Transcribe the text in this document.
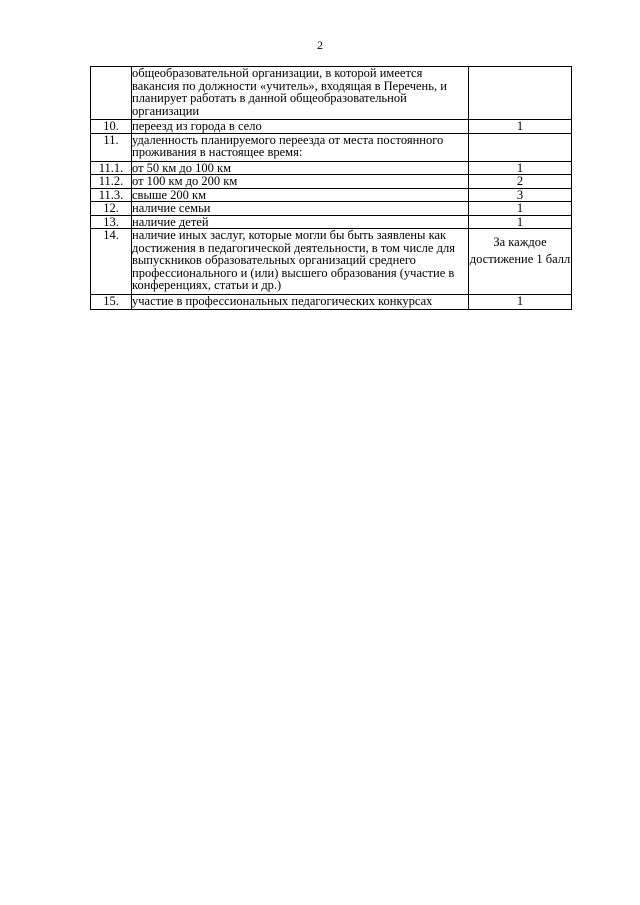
2
	общеобразовательной организации, в которой имеется вакансия по должности «учитель», входящая в Перечень, и планирует работать в данной общеобразовательной организации	
10.	переезд из города в село	1
11.	удаленность планируемого переезда от места постоянного проживания в настоящее время:	
11.1.	от 50 км до 100 км	1
11.2.	от 100 км до 200 км	2
11.3.	свыше 200 км	3
12.	наличие семьи	1
13.	наличие детей	1
14.	наличие иных заслуг, которые могли бы быть заявлены как достижения в педагогической деятельности, в том числе для выпускников образовательных организаций среднего профессионального и (или) высшего образования (участие в конференциях, статьи и др.)	За каждое достижение 1 балл
15.	участие в профессиональных педагогических конкурсах	1
